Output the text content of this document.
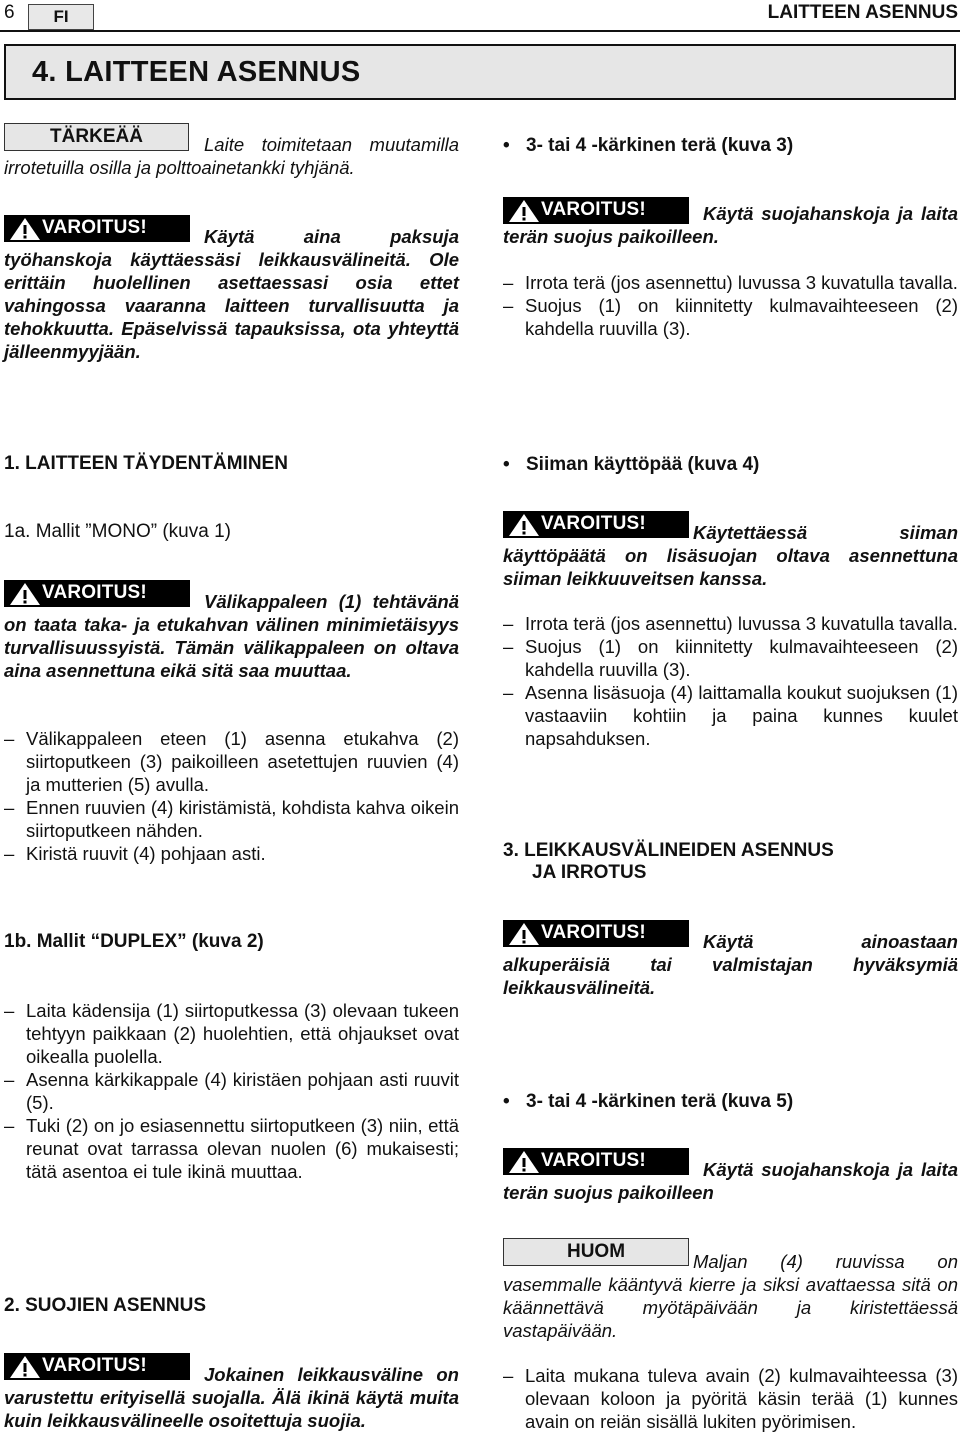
6	FI	LAITTEEN ASENNUS
4. LAITTEEN ASENNUS
TÄRKEÄÄ	Laite toimitetaan muutamilla irrotetuilla osilla ja polttoainetankki tyhjänä.
VAROITUS!	Käytä aina paksuja työhanskoja käyttäessäsi leikkausvälineitä. Ole erittäin huolellinen asettaessasi osia ettet vahingossa vaaranna laitteen turvallisuutta ja tehokkuutta. Epäselvissä tapauksissa, ota yhteyttä jälleenmyyjään.
1. LAITTEEN TÄYDENTÄMINEN
1a. Mallit ”MONO” (kuva 1)
VAROITUS!	Välikappaleen (1) tehtävänä on taata taka- ja etukahvan välinen minimietäisyys turvallisuussyistä. Tämän välikappaleen on oltava aina asennettuna eikä sitä saa muuttaa.
– Välikappaleen eteen (1) asenna etukahva (2) siirtoputkeen (3) paikoilleen asetettujen ruuvien (4) ja mutterien (5) avulla.
– Ennen ruuvien (4) kiristämistä, kohdista kahva oikein siirtoputkeen nähden.
– Kiristä ruuvit (4) pohjaan asti.
1b. Mallit “DUPLEX” (kuva 2)
– Laita kädensija (1) siirtoputkessa (3) olevaan tukeen tehtyyn paikkaan (2) huolehtien, että ohjaukset ovat oikealla puolella.
– Asenna kärkikappale (4) kiristäen pohjaan asti ruuvit (5).
– Tuki (2) on jo esiasennettu siirtoputkeen (3) niin, että reunat ovat tarrassa olevan nuolen (6) mukaisesti; tätä asentoa ei tule ikinä muuttaa.
2. SUOJIEN ASENNUS
VAROITUS!	Jokainen leikkausväline on varustettu erityisellä suojalla. Älä ikinä käytä muita kuin leikkausvälineelle osoitettuja suojia.
• 3- tai 4 -kärkinen terä (kuva 3)
VAROITUS!	Käytä suojahanskoja ja laita terän suojus paikoilleen.
– Irrota terä (jos asennettu) luvussa 3 kuvatulla tavalla.
– Suojus (1) on kiinnitetty kulmavaihteeseen (2) kahdella ruuvilla (3).
• Siiman käyttöpää (kuva 4)
VAROITUS!	Käytettäessä siiman käyttöpäätä on lisäsuojan oltava asennettuna siiman leikkuuveitsen kanssa.
– Irrota terä (jos asennettu) luvussa 3 kuvatulla tavalla.
– Suojus (1) on kiinnitetty kulmavaihteeseen (2) kahdella ruuvilla (3).
– Asenna lisäsuoja (4) laittamalla koukut suojuksen (1) vastaaviin kohtiin ja paina kunnes kuulet napsahduksen.
3. LEIKKAUSVÄLINEIDEN ASENNUS
JA IRROTUS
VAROITUS!	Käytä ainoastaan alkuperäisiä tai valmistajan hyväksymiä leikkausvälineitä.
• 3- tai 4 -kärkinen terä (kuva 5)
VAROITUS!	Käytä suojahanskoja ja laita terän suojus paikoilleen
HUOM	Maljan (4) ruuvissa on vasemmalle kääntyvä kierre ja siksi avattaessa sitä on käännettävä myötäpäivään ja kiristettäessä vastapäivään.
– Laita mukana tuleva avain (2) kulmavaihteessa (3) olevaan koloon ja pyöritä käsin terää (1) kunnes avain on reiän sisällä lukiten pyörimisen.
